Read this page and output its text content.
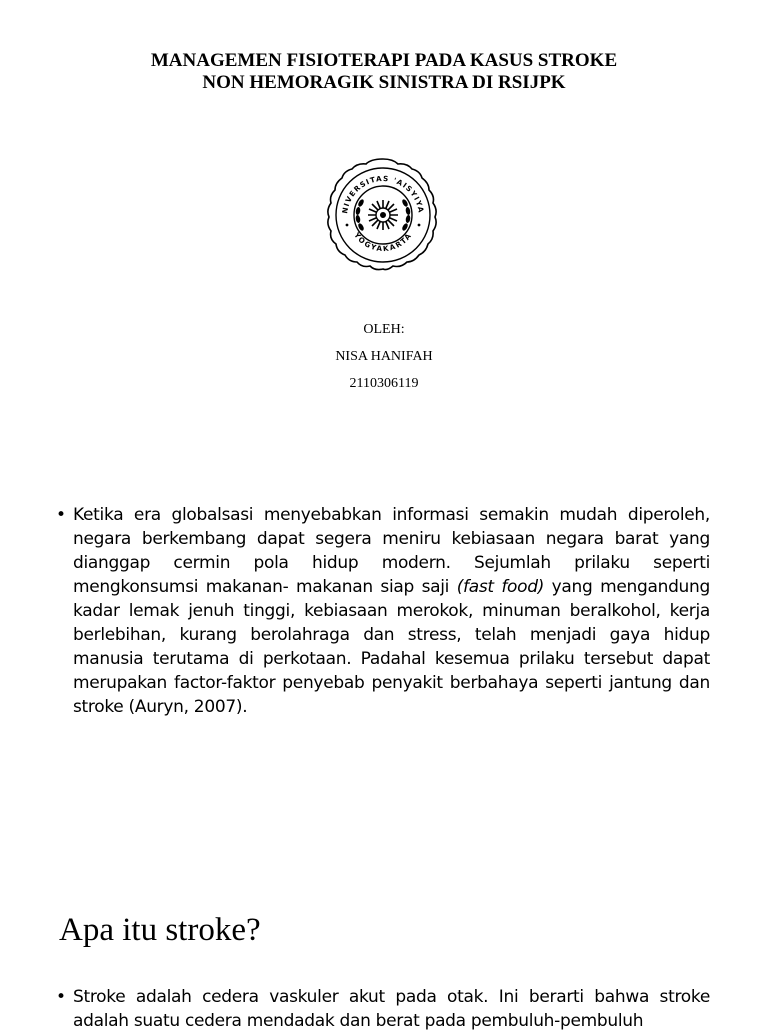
MANAGEMEN FISIOTERAPI PADA KASUS STROKE
NON HEMORAGIK SINISTRA DI RSIJPK
NIVERSITAS 'AISYIYA
YOGYAKARTA
OLEH:
NISA HANIFAH
2110306119
• Ketika era globalsasi menyebabkan informasi semakin mudah diperoleh, negara berkembang dapat segera meniru kebiasaan negara barat yang dianggap cermin pola hidup modern. Sejumlah prilaku seperti mengkonsumsi makanan- makanan siap saji (fast food) yang mengandung kadar lemak jenuh tinggi, kebiasaan merokok, minuman beralkohol, kerja berlebihan, kurang berolahraga dan stress, telah menjadi gaya hidup manusia terutama di perkotaan. Padahal kesemua prilaku tersebut dapat merupakan factor-faktor penyebab penyakit berbahaya seperti jantung dan stroke (Auryn, 2007).
Apa itu stroke?
• Stroke adalah cedera vaskuler akut pada otak. Ini berarti bahwa stroke adalah suatu cedera mendadak dan berat pada pembuluh-pembuluh
